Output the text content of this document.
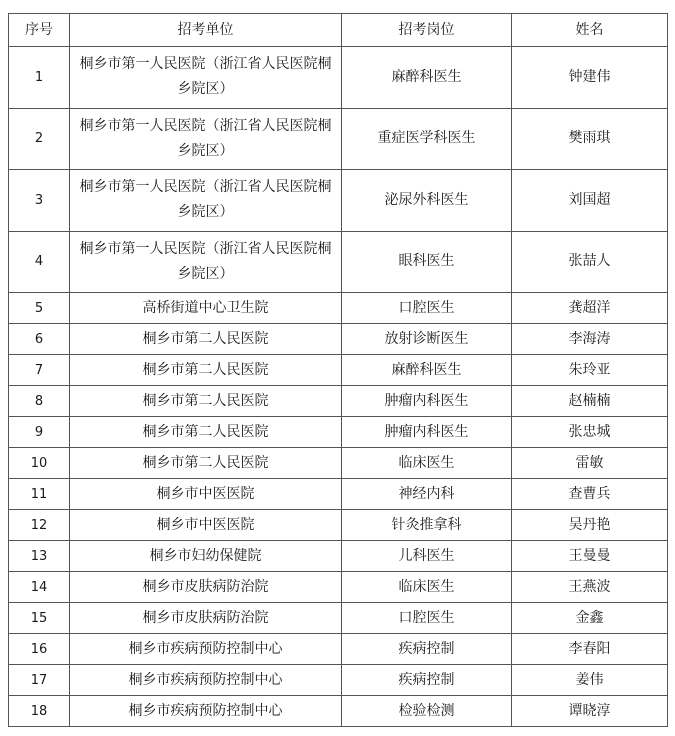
序号	招考单位	招考岗位	姓名
1	桐乡市第一人民医院（浙江省人民医院桐乡院区）	麻醉科医生	钟建伟
2	桐乡市第一人民医院（浙江省人民医院桐乡院区）	重症医学科医生	樊雨琪
3	桐乡市第一人民医院（浙江省人民医院桐乡院区）	泌尿外科医生	刘国超
4	桐乡市第一人民医院（浙江省人民医院桐乡院区）	眼科医生	张喆人
5	高桥街道中心卫生院	口腔医生	龚超洋
6	桐乡市第二人民医院	放射诊断医生	李海涛
7	桐乡市第二人民医院	麻醉科医生	朱玲亚
8	桐乡市第二人民医院	肿瘤内科医生	赵楠楠
9	桐乡市第二人民医院	肿瘤内科医生	张忠城
10	桐乡市第二人民医院	临床医生	雷敏
11	桐乡市中医医院	神经内科	查曹兵
12	桐乡市中医医院	针灸推拿科	吴丹艳
13	桐乡市妇幼保健院	儿科医生	王曼曼
14	桐乡市皮肤病防治院	临床医生	王燕波
15	桐乡市皮肤病防治院	口腔医生	金鑫
16	桐乡市疾病预防控制中心	疾病控制	李春阳
17	桐乡市疾病预防控制中心	疾病控制	姜伟
18	桐乡市疾病预防控制中心	检验检测	谭晓淳
